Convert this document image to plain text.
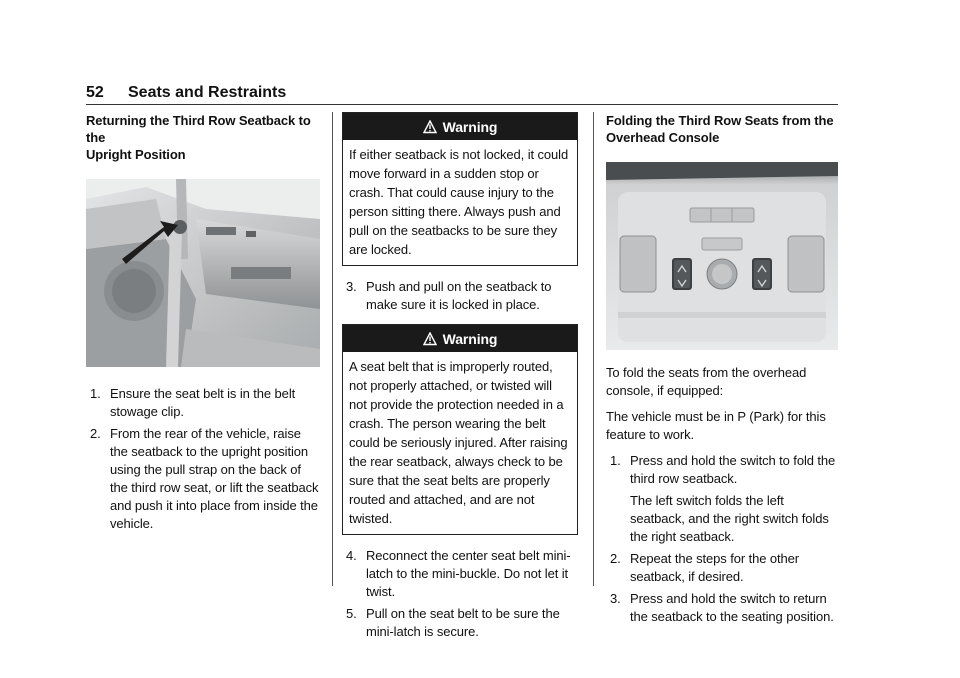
52 Seats and Restraints
Returning the Third Row Seatback to the
Upright Position
1. Ensure the seat belt is in the belt stowage clip.
2. From the rear of the vehicle, raise the seatback to the upright position using the pull strap on the back of the third row seat, or lift the seatback and push it into place from inside the vehicle.
Warning
If either seatback is not locked, it could move forward in a sudden stop or crash. That could cause injury to the person sitting there. Always push and pull on the seatbacks to be sure they are locked.
3. Push and pull on the seatback to make sure it is locked in place.
Warning
A seat belt that is improperly routed, not properly attached, or twisted will not provide the protection needed in a crash. The person wearing the belt could be seriously injured. After raising the rear seatback, always check to be sure that the seat belts are properly routed and attached, and are not twisted.
4. Reconnect the center seat belt mini-latch to the mini-buckle. Do not let it twist.
5. Pull on the seat belt to be sure the mini-latch is secure.
Folding the Third Row Seats from the
Overhead Console

To fold the seats from the overhead console, if equipped:

The vehicle must be in P (Park) for this feature to work.

1. Press and hold the switch to fold the third row seatback.

The left switch folds the left seatback, and the right switch folds the right seatback.

2. Repeat the steps for the other seatback, if desired.
3. Press and hold the switch to return the seatback to the seating position.
